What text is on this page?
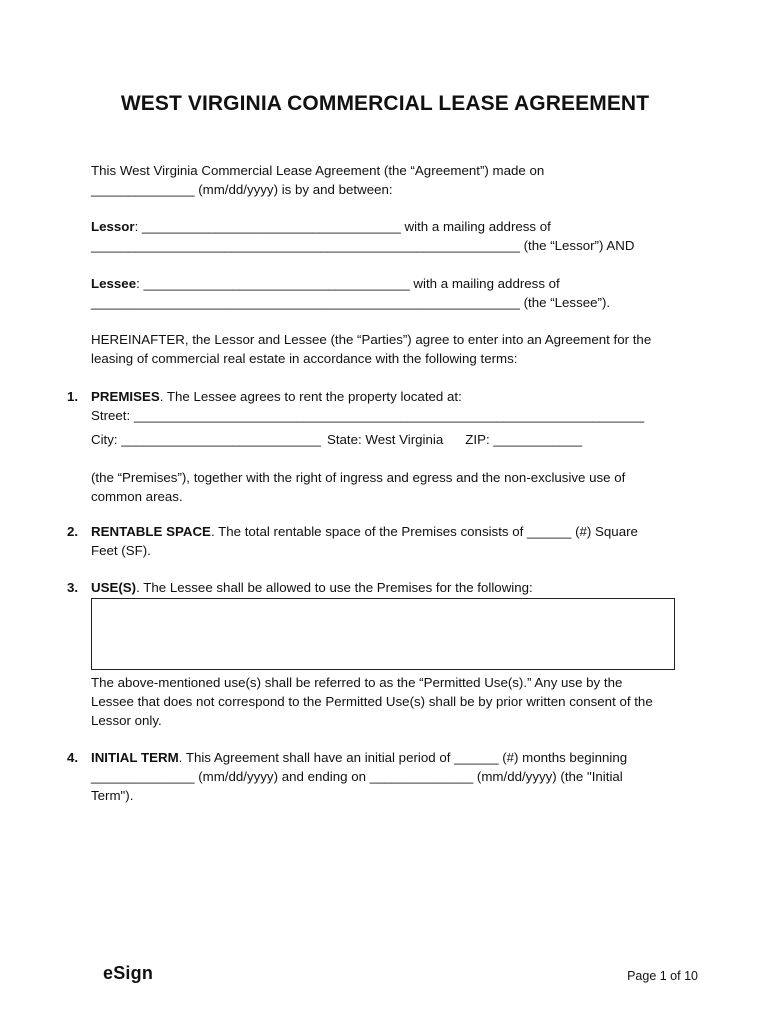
WEST VIRGINIA COMMERCIAL LEASE AGREEMENT
This West Virginia Commercial Lease Agreement (the “Agreement”) made on
______________ (mm/dd/yyyy) is by and between:
Lessor: ___________________________________ with a mailing address of
__________________________________________________________ (the “Lessor”) AND
Lessee: ____________________________________ with a mailing address of
__________________________________________________________ (the “Lessee”).
HEREINAFTER, the Lessor and Lessee (the “Parties”) agree to enter into an Agreement for the
leasing of commercial real estate in accordance with the following terms:
1. PREMISES. The Lessee agrees to rent the property located at:
Street: _____________________________________________________________________
City: ___________________________ State: West Virginia ZIP: ____________
(the “Premises”), together with the right of ingress and egress and the non-exclusive use of
common areas.
2. RENTABLE SPACE. The total rentable space of the Premises consists of ______ (#) Square
Feet (SF).
3. USE(S). The Lessee shall be allowed to use the Premises for the following:
The above-mentioned use(s) shall be referred to as the “Permitted Use(s).” Any use by the
Lessee that does not correspond to the Permitted Use(s) shall be by prior written consent of the
Lessor only.
4. INITIAL TERM. This Agreement shall have an initial period of ______ (#) months beginning
______________ (mm/dd/yyyy) and ending on ______________ (mm/dd/yyyy) (the "Initial
Term").
eSign	Page 1 of 10
